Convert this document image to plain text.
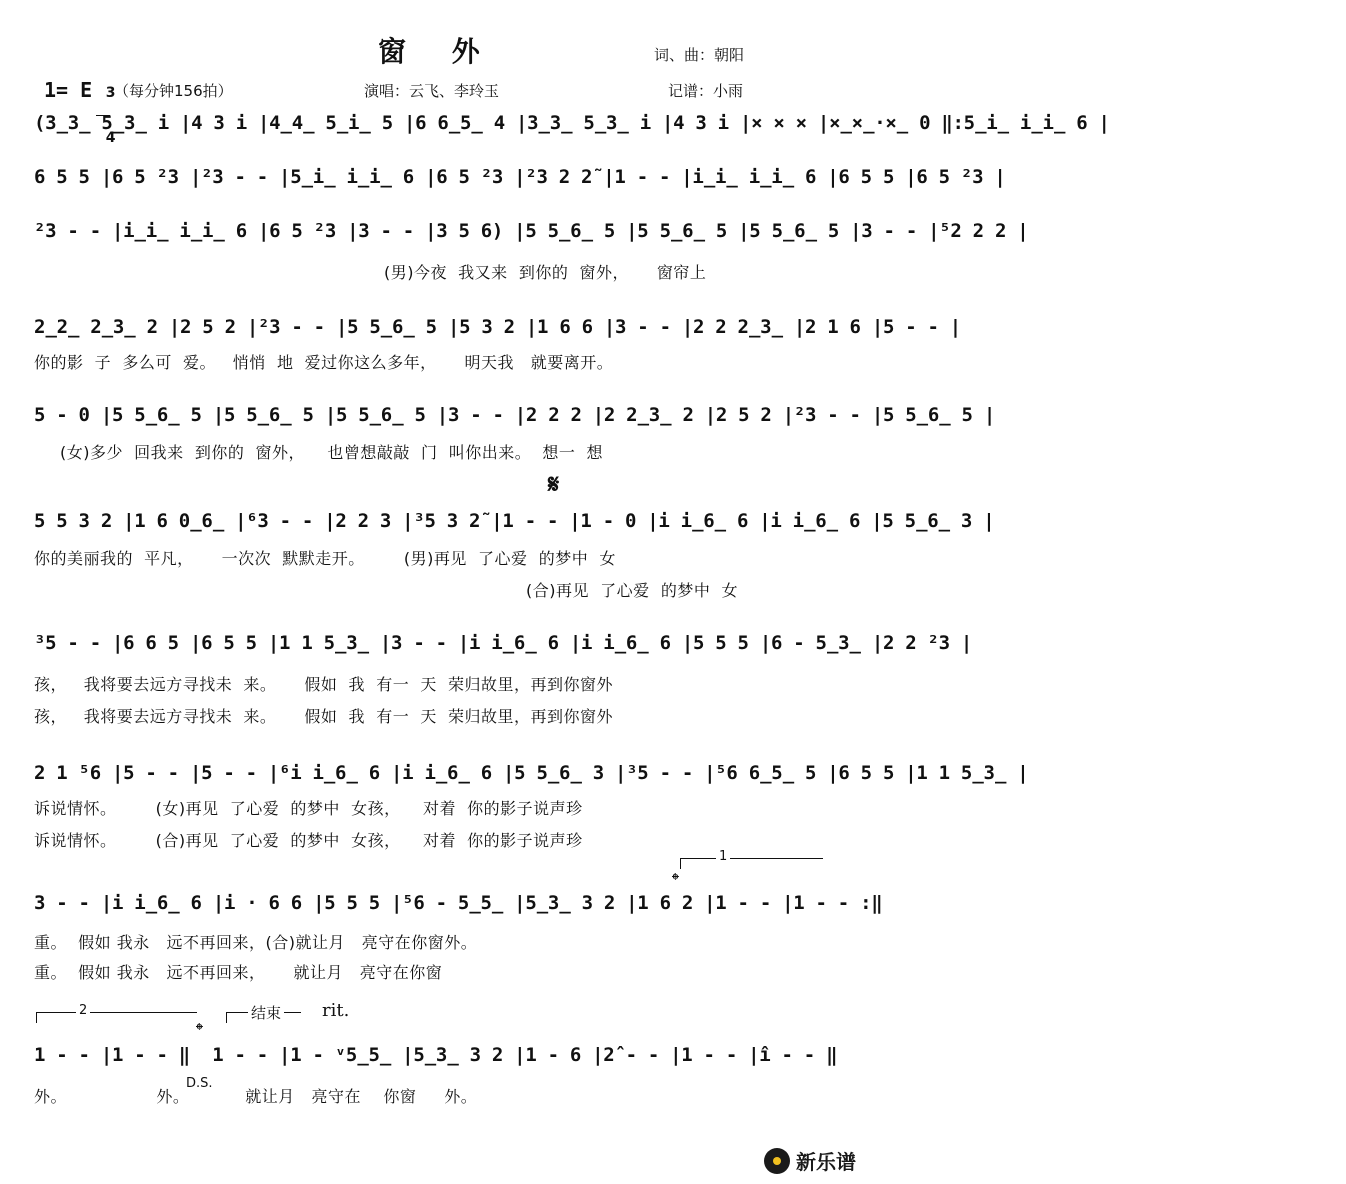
窗 外	词、曲：朝阳
演唱：云飞、李玲玉	记谱：小雨
1= E 3

4

（每分钟156拍）
(3̲3̲ 5̲3̲ i |4 3 i |4̲4̲ 5̲i̲ 5 |6 6̲5̲ 4 |3̲3̲ 5̲3̲ i |4 3 i |× × × |×̲×̲·×̲ 0 ‖:5̲i̲ i̲i̲ 6 |
6 5 5 |6 5 ²3 |²3 - - |5̲i̲ i̲i̲ 6 |6 5 ²3 |²3 2 2̃ |1 - - |i̲i̲ i̲i̲ 6 |6 5 5 |6 5 ²3 |
²3 - - |i̲i̲ i̲i̲ 6 |6 5 ²3 |3 - - |3 5 6) |5 5̲6̲ 5 |5 5̲6̲ 5 |5 5̲6̲ 5 |3 - - |⁵2 2 2 |
(男)今夜  我又来  到你的  窗外，     窗帘上
2̲2̲ 2̲3̲ 2 |2 5 2 |²3 - - |5 5̲6̲ 5 |5 3 2 |1 6 6 |3 - - |2 2 2̲3̲ |2 1 6 |5 - - |
你的影  子  多么可  爱。   悄悄  地  爱过你这么多年，     明天我   就要离开。
5 - 0 |5 5̲6̲ 5 |5 5̲6̲ 5 |5 5̲6̲ 5 |3 - - |2 2 2 |2 2̲3̲ 2 |2 5 2 |²3 - - |5 5̲6̲ 5 |
(女)多少  回我来  到你的  窗外，    也曾想敲敲  门  叫你出来。  想一  想
𝄋
5 5 3 2 |1 6 0̲6̲ |⁶3 - - |2 2 3 |³5 3 2̃ |1 - - |1 - 0 |i i̲6̲ 6 |i i̲6̲ 6 |5 5̲6̲ 3 |
你的美丽我的  平凡，     一次次  默默走开。       (男)再见  了心爱  的梦中  女
(合)再见  了心爱  的梦中  女
³5 - - |6 6 5 |6 5 5 |1 1 5̲3̲ |3 - - |i i̲6̲ 6 |i i̲6̲ 6 |5 5 5 |6 - 5̲3̲ |2 2 ²3 |
孩，   我将要去远方寻找未  来。     假如  我  有一  天  荣归故里，再到你窗外
孩，   我将要去远方寻找未  来。     假如  我  有一  天  荣归故里，再到你窗外
2 1 ⁵6 |5 - - |5 - - |⁶i i̲6̲ 6 |i i̲6̲ 6 |5 5̲6̲ 3 |³5 - - |⁵6 6̲5̲ 5 |6 5 5 |1 1 5̲3̲ |
诉说情怀。       (女)再见  了心爱  的梦中  女孩，    对着  你的影子说声珍
诉说情怀。       (合)再见  了心爱  的梦中  女孩，    对着  你的影子说声珍
1
𝄌
3 - - |i i̲6̲ 6 |i · 6 6 |5 5 5 |⁵6 - 5̲5̲ |5̲3̲ 3 2 |1 6 2 |1 - - |1 - - :‖
重。  假如 我永   远不再回来，(合)就让月   亮守在你窗外。
重。  假如 我永   远不再回来，     就让月   亮守在你窗
2	结束 rit.
𝄌
1 - - |1 - - ‖  1 - - |1 - ᵛ5̲5̲ |5̲3̲ 3 2 |1 - 6 |2̂ - - |1 - - |î - - ‖
外。                外。          就让月   亮守在    你窗     外。
D.S.
新乐谱
